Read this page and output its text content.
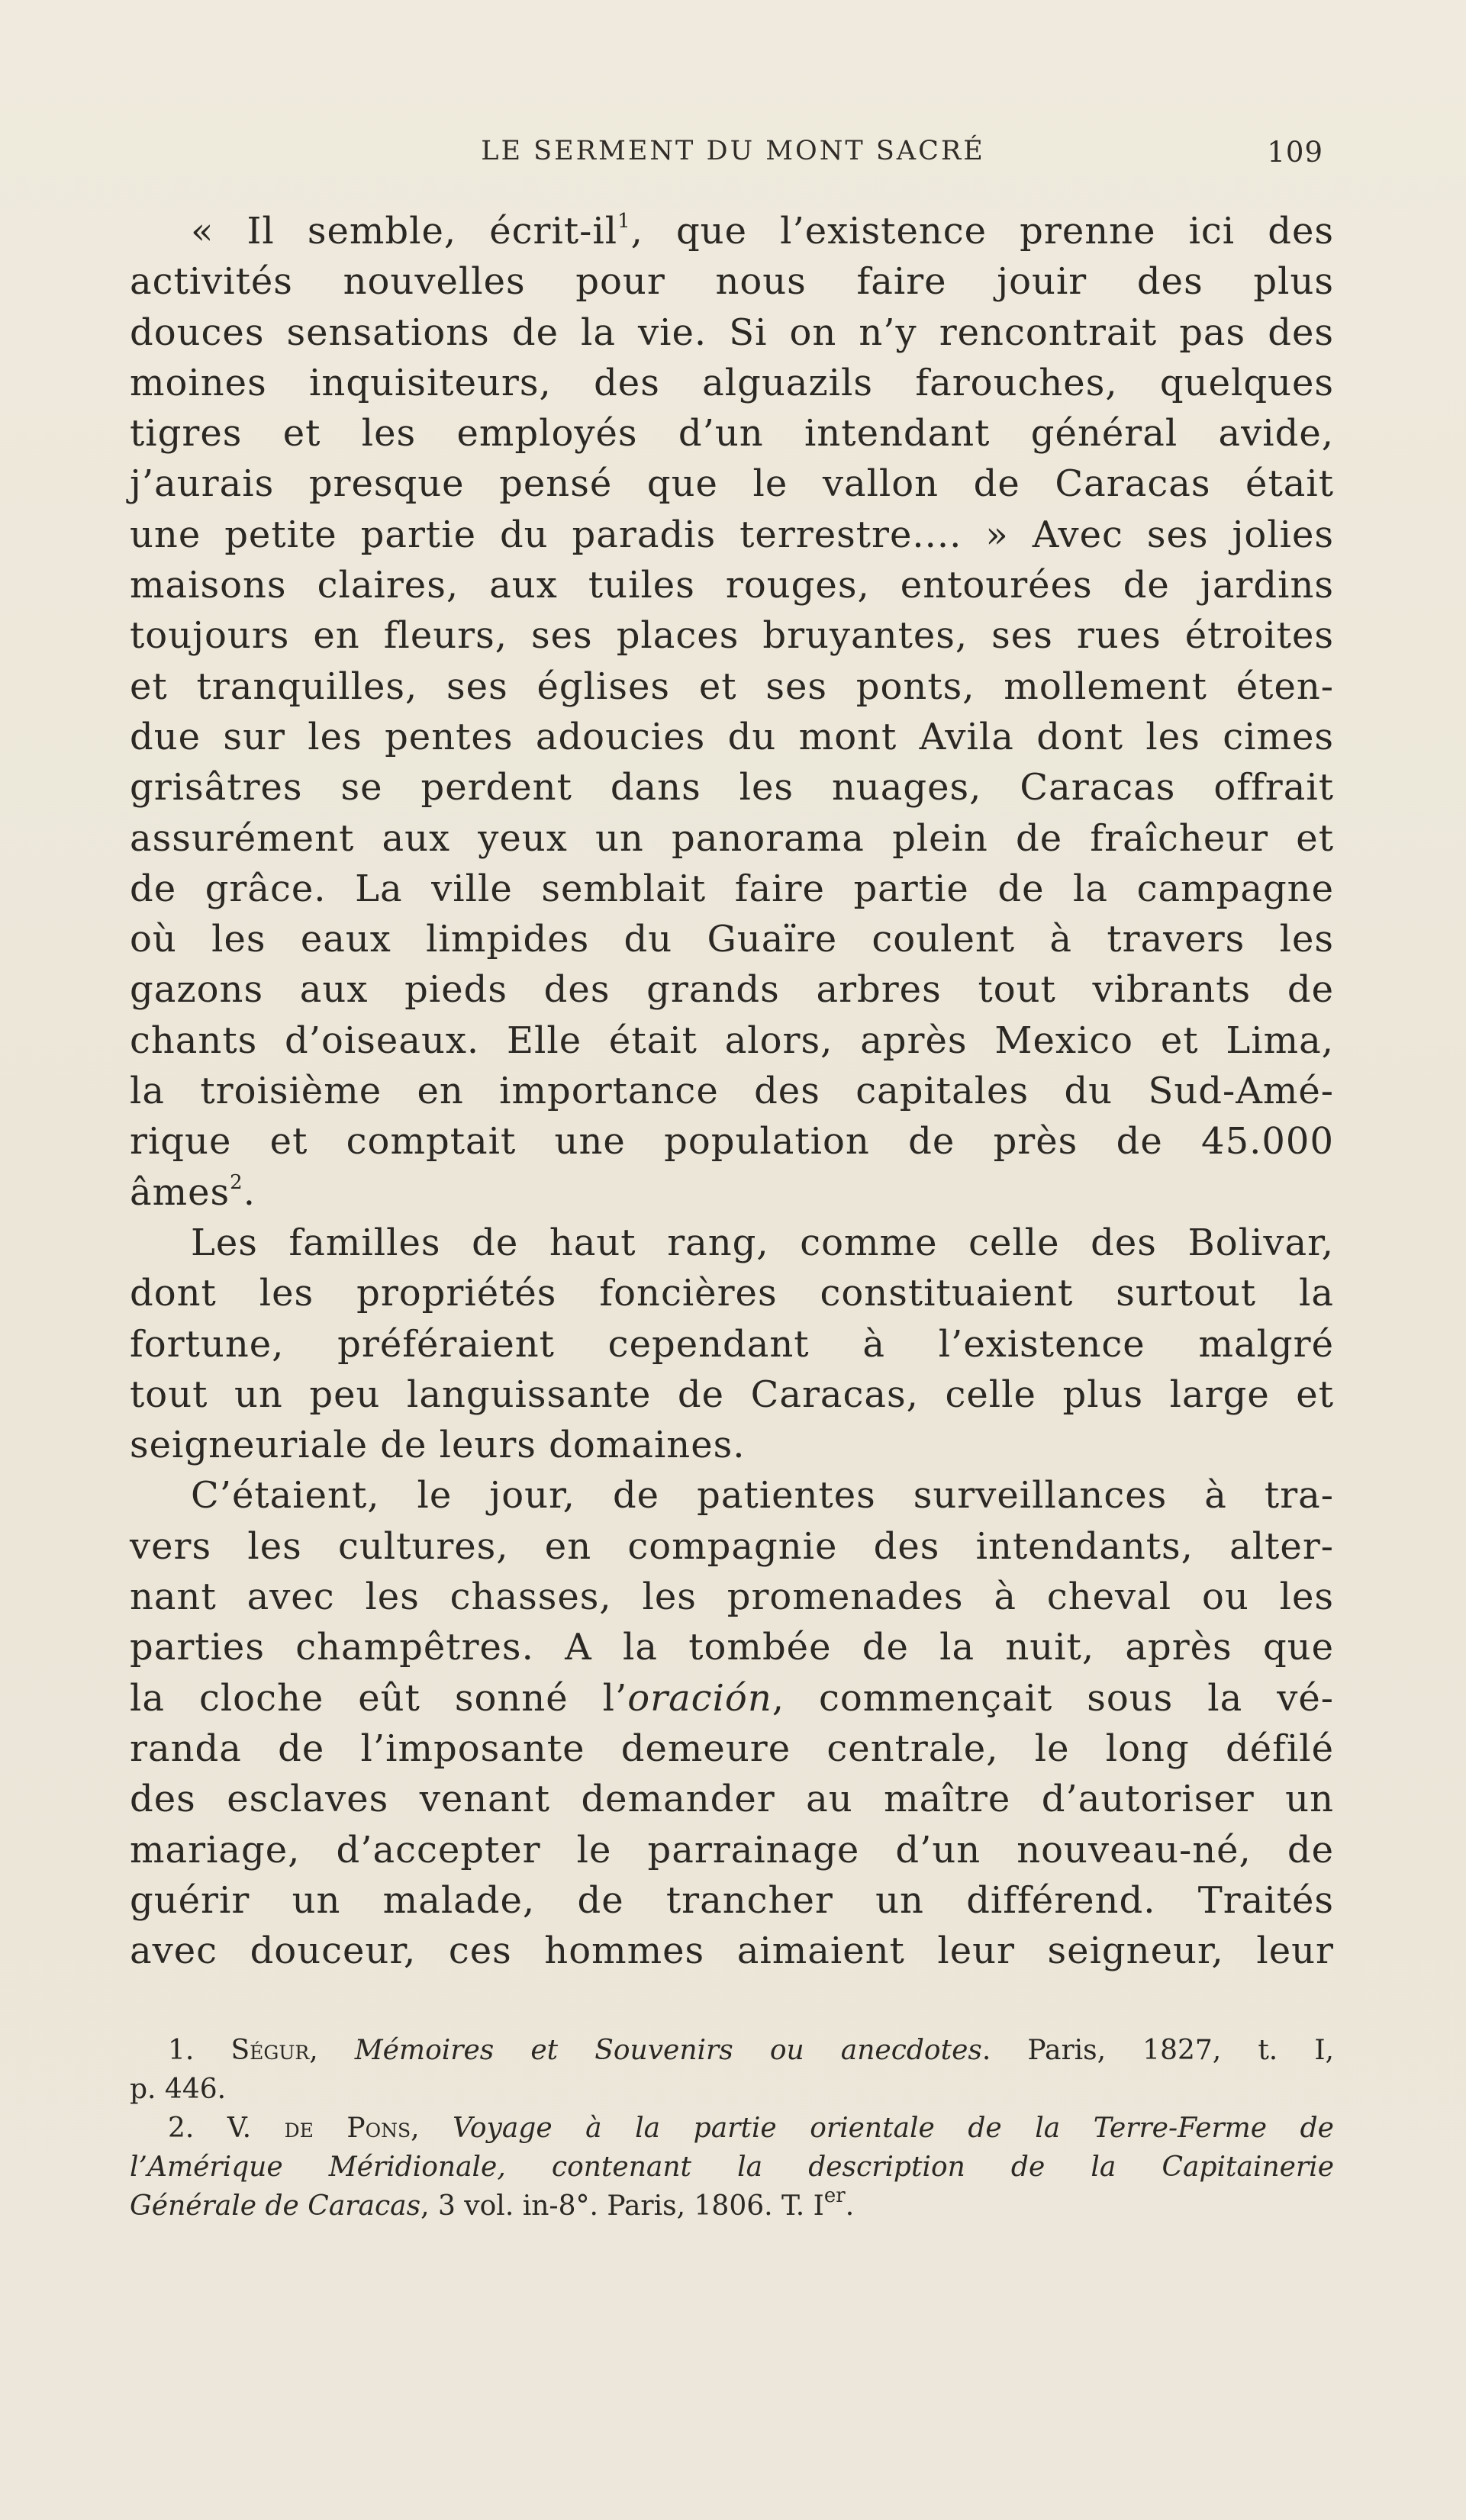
LE SERMENT DU MONT SACRÉ	109
« Il semble, écrit-$il^1$, que l’existence prenne ici des
activités nouvelles pour nous faire jouir des plus
douces sensations de la vie. Si on n’y rencontrait pas des
moines inquisiteurs, des alguazils farouches, quelques
tigres et les employés d’un intendant général avide,
j’aurais presque pensé que le vallon de Caracas était
une petite partie du paradis terrestre.... » Avec ses jolies
maisons claires, aux tuiles rouges, entourées de jardins
toujours en fleurs, ses places bruyantes, ses rues étroites
et tranquilles, ses églises et ses ponts, mollement éten-
due sur les pentes adoucies du mont Avila dont les cimes
grisâtres se perdent dans les nuages, Caracas offrait
assurément aux yeux un panorama plein de fraîcheur et
de grâce. La ville semblait faire partie de la campagne
où les eaux limpides du Guaïre coulent à travers les
gazons aux pieds des grands arbres tout vibrants de
chants d’oiseaux. Elle était alors, après Mexico et Lima,
la troisième en importance des capitales du Sud-Amé-
rique et comptait une population de près de 45.000
âmes$^2$.
Les familles de haut rang, comme celle des Bolivar,
dont les propriétés foncières constituaient surtout la
fortune, préféraient cependant à l’existence malgré
tout un peu languissante de Caracas, celle plus large et
seigneuriale de leurs domaines.
C’étaient, le jour, de patientes surveillances à tra-
vers les cultures, en compagnie des intendants, alter-
nant avec les chasses, les promenades à cheval ou les
parties champêtres. A la tombée de la nuit, après que
la cloche eût sonné l’oración, commençait sous la vé-
randa de l’imposante demeure centrale, le long défilé
des esclaves venant demander au maître d’autoriser un
mariage, d’accepter le parrainage d’un nouveau-né, de
guérir un malade, de trancher un différend. Traités
avec douceur, ces hommes aimaient leur seigneur, leur
1. Ségur, Mémoires et Souvenirs ou anecdotes. Paris, 1827, t. I,
p. 446.
2. V. de Pons, Voyage à la partie orientale de la Terre-Ferme de
l’Amérique Méridionale, contenant la description de la Capitainerie
Générale de Caracas, 3 vol. in-8°. Paris, 1806. T. Ier.
